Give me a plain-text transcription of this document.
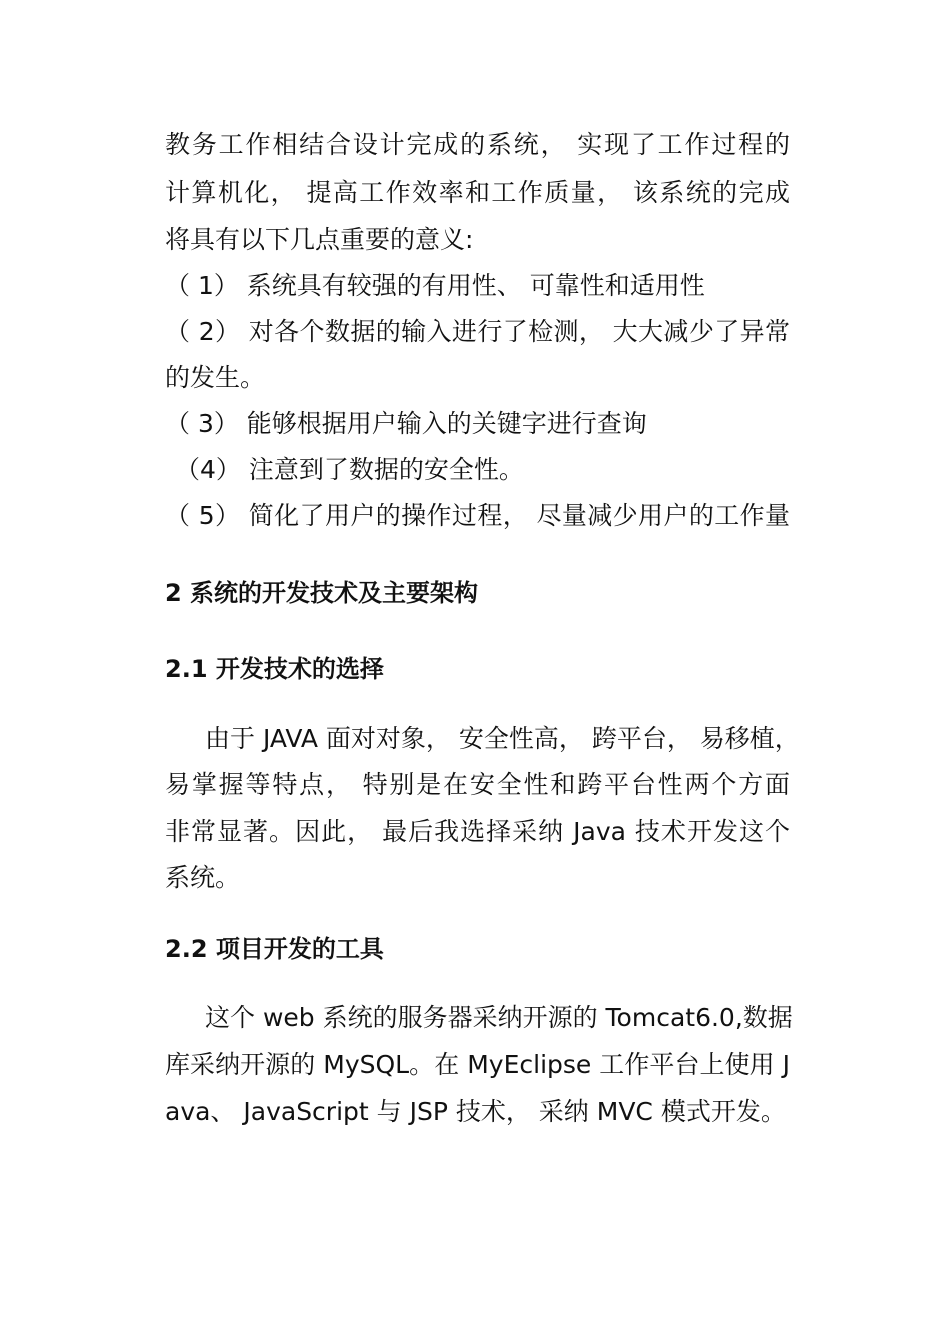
教务工作相结合设计完成的系统， 实现了工作过程的
计算机化， 提高工作效率和工作质量， 该系统的完成
将具有以下几点重要的意义:
（ 1） 系统具有较强的有用性、 可靠性和适用性
（ 2） 对各个数据的输入进行了检测， 大大减少了异常
的发生。
（ 3） 能够根据用户输入的关键字进行查询
（4） 注意到了数据的安全性。
（ 5） 简化了用户的操作过程， 尽量减少用户的工作量
2 系统的开发技术及主要架构
2.1 开发技术的选择
由于 JAVA 面对对象， 安全性高， 跨平台， 易移植，
易掌握等特点， 特别是在安全性和跨平台性两个方面
非常显著。因此， 最后我选择采纳 Java 技术开发这个
系统。
2.2 项目开发的工具
这个 web 系统的服务器采纳开源的 Tomcat6.0,数据
库采纳开源的 MySQL。在 MyEclipse 工作平台上使用 J
ava、 JavaScript 与 JSP 技术， 采纳 MVC 模式开发。
